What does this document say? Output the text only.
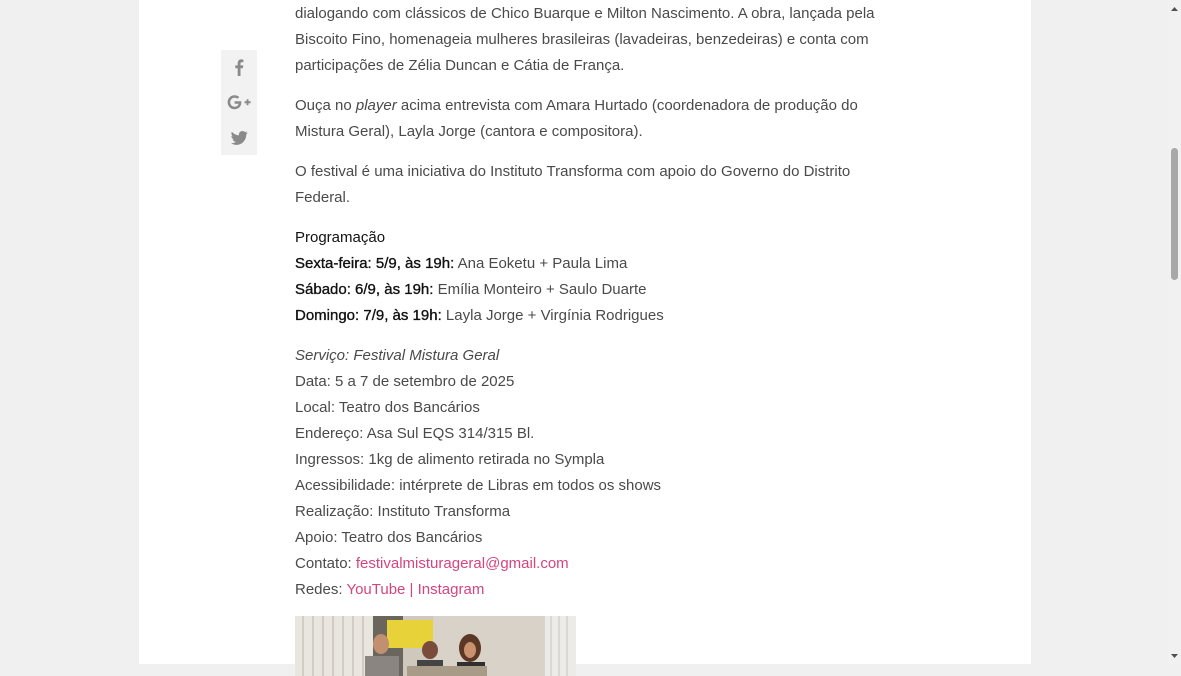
dialogando com clássicos de Chico Buarque e Milton Nascimento. A obra, lançada pela Biscoito Fino, homenageia mulheres brasileiras (lavadeiras, benzedeiras) e conta com participações de Zélia Duncan e Cátia de França.

Ouça no player acima entrevista com Amara Hurtado (coordenadora de produção do Mistura Geral), Layla Jorge (cantora e compositora).

O festival é uma iniciativa do Instituto Transforma com apoio do Governo do Distrito Federal.

Programação
Sexta-feira: 5/9, às 19h: Ana Eoketu + Paula Lima
Sábado: 6/9, às 19h: Emília Monteiro + Saulo Duarte
Domingo: 7/9, às 19h: Layla Jorge + Virgínia Rodrigues

Serviço: Festival Mistura Geral
Data: 5 a 7 de setembro de 2025
Local: Teatro dos Bancários
Endereço: Asa Sul EQS 314/315 Bl.
Ingressos: 1kg de alimento retirada no Sympla
Acessibilidade: intérprete de Libras em todos os shows
Realização: Instituto Transforma
Apoio: Teatro dos Bancários
Contato: festivalmisturageral@gmail.com
Redes: YouTube | Instagram
